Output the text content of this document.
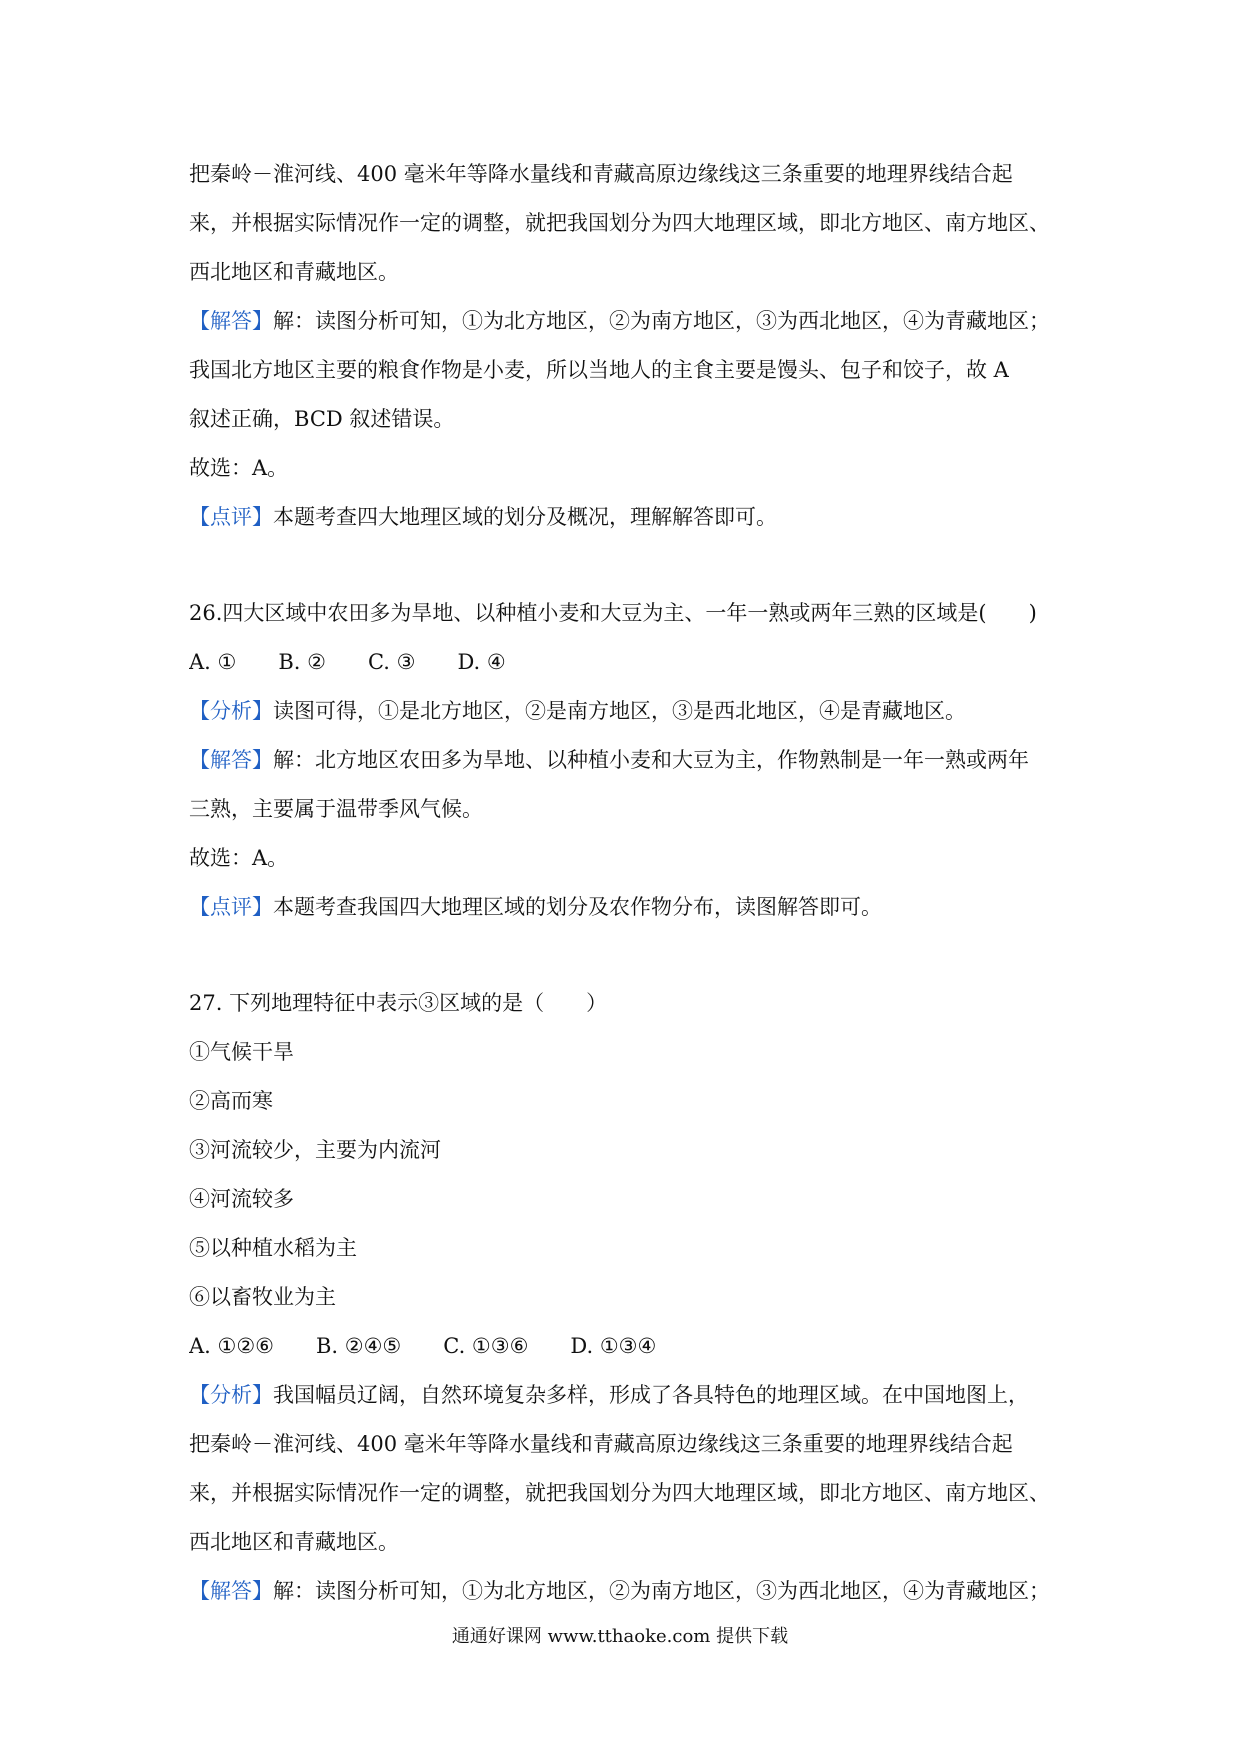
把秦岭－淮河线、400 毫米年等降水量线和青藏高原边缘线这三条重要的地理界线结合起
来，并根据实际情况作一定的调整，就把我国划分为四大地理区域，即北方地区、南方地区、
西北地区和青藏地区。
【解答】解：读图分析可知，①为北方地区，②为南方地区，③为西北地区，④为青藏地区；
我国北方地区主要的粮食作物是小麦，所以当地人的主食主要是馒头、包子和饺子，故 A
叙述正确，BCD 叙述错误。
故选：A。
【点评】本题考查四大地理区域的划分及概况，理解解答即可。
26.四大区域中农田多为旱地、以种植小麦和大豆为主、一年一熟或两年三熟的区域是(　　)
A. ①　　B. ②　　C. ③　　D. ④
【分析】读图可得，①是北方地区，②是南方地区，③是西北地区，④是青藏地区。
【解答】解：北方地区农田多为旱地、以种植小麦和大豆为主，作物熟制是一年一熟或两年
三熟，主要属于温带季风气候。
故选：A。
【点评】本题考查我国四大地理区域的划分及农作物分布，读图解答即可。
27. 下列地理特征中表示③区域的是（　　）
①气候干旱
②高而寒
③河流较少，主要为内流河
④河流较多
⑤以种植水稻为主
⑥以畜牧业为主
A. ①②⑥　　B. ②④⑤　　C. ①③⑥　　D. ①③④
【分析】我国幅员辽阔，自然环境复杂多样，形成了各具特色的地理区域。在中国地图上，
把秦岭－淮河线、400 毫米年等降水量线和青藏高原边缘线这三条重要的地理界线结合起
来，并根据实际情况作一定的调整，就把我国划分为四大地理区域，即北方地区、南方地区、
西北地区和青藏地区。
【解答】解：读图分析可知，①为北方地区，②为南方地区，③为西北地区，④为青藏地区；
通通好课网 www.tthaoke.com 提供下载
